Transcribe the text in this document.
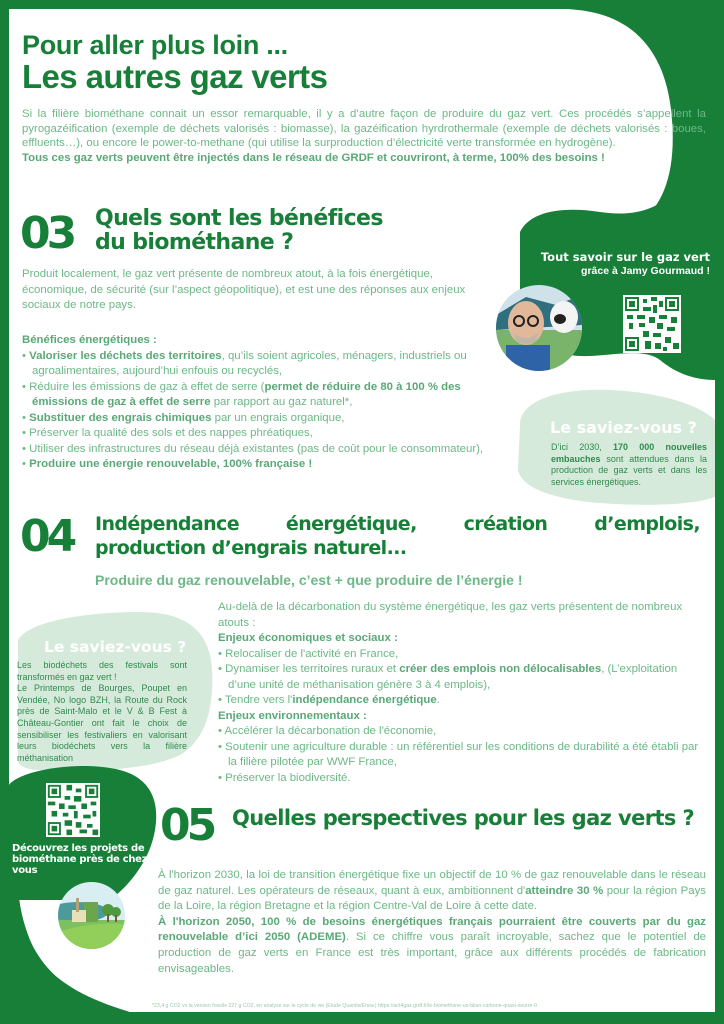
Pour aller plus loin ...
Les autres gaz verts
Si la filière biométhane connait un essor remarquable, il y a d’autre façon de produire du gaz vert. Ces procédés s’appellent la pyrogazéification (exemple de déchets valorisés : biomasse), la gazéification hyrdrothermale (exemple de déchets valorisés : boues, effluents…), ou encore le power-to-methane (qui utilise la surproduction d’électricité verte transformée en hydrogène).
Tous ces gaz verts peuvent être injectés dans le réseau de GRDF et couvriront, à terme, 100% des besoins !
03 Quels sont les bénéfices
du biométhane ?
Produit localement, le gaz vert présente de nombreux atout, à la fois énergétique, économique, de sécurité (sur l’aspect géopolitique), et est une des réponses aux enjeux sociaux de notre pays.
Bénéfices énergétiques :
• Valoriser les déchets des territoires, qu’ils soient agricoles, ménagers, industriels ou agroalimentaires, aujourd’hui enfouis ou recyclés,
• Réduire les émissions de gaz à effet de serre (permet de réduire de 80 à 100 % des émissions de gaz à effet de serre par rapport au gaz naturel*,
• Substituer des engrais chimiques par un engrais organique,
• Préserver la qualité des sols et des nappes phréatiques,
• Utiliser des infrastructures du réseau déjà existantes (pas de coût pour le consommateur),
• Produire une énergie renouvelable, 100% française !
Tout savoir sur le gaz vert
grâce à Jamy Gourmaud !
Le saviez-vous ?
D’ici 2030, 170 000 nouvelles embauches sont attendues dans la production de gaz verts et dans les services énergétiques.
04 Indépendance énergétique, création d’emplois,
production d’engrais naturel...
Produire du gaz renouvelable, c’est + que produire de l’énergie !
Au-delà de la décarbonation du système énergétique, les gaz verts présentent de nombreux atouts :
Enjeux économiques et sociaux :
• Relocaliser de l'activité en France,
• Dynamiser les territoires ruraux et créer des emplois non délocalisables, (L’exploitation d’une unité de méthanisation génère 3 à 4 emplois),
• Tendre vers l'indépendance énergétique.
Enjeux environnementaux :
• Accélérer la décarbonation de l'économie,
• Soutenir une agriculture durable : un référentiel sur les conditions de durabilité a été établi par la filière pilotée par WWF France,
• Préserver la biodiversité.
Le saviez-vous ?
Les biodéchets des festivals sont transformés en gaz vert !
Le Printemps de Bourges, Poupet en Vendée, No logo BZH, la Route du Rock près de Saint-Malo et le V & B Fest à Château-Gontier ont fait le choix de sensibiliser les festivaliers en valorisant leurs biodéchets vers la filière méthanisation
Découvrez les projets de biométhane près de chez vous
05 Quelles perspectives pour les gaz verts ?
À l'horizon 2030, la loi de transition énergétique fixe un objectif de 10 % de gaz renouvelable dans le réseau de gaz naturel. Les opérateurs de réseaux, quant à eux, ambitionnent d'atteindre 30 % pour la région Pays de la Loire, la région Bretagne et la région Centre-Val de Loire à cette date.
À l'horizon 2050, 100 % de besoins énergétiques français pourraient être couverts par du gaz renouvelable d’ici 2050 (ADEME). Si ce chiffre vous paraît incroyable, sachez que le potentiel de production de gaz verts en France est très important, grâce aux différents procédés de fabrication envisageables.
*23,4 g CO2 vs la version fossile 227 g CO2, en analyse sur le cycle de vie (Etude Quantis/Enea | https://act4gaz.grdf.fr/le-biomethane-un-bilan-carbone-quasi-neutre-0
